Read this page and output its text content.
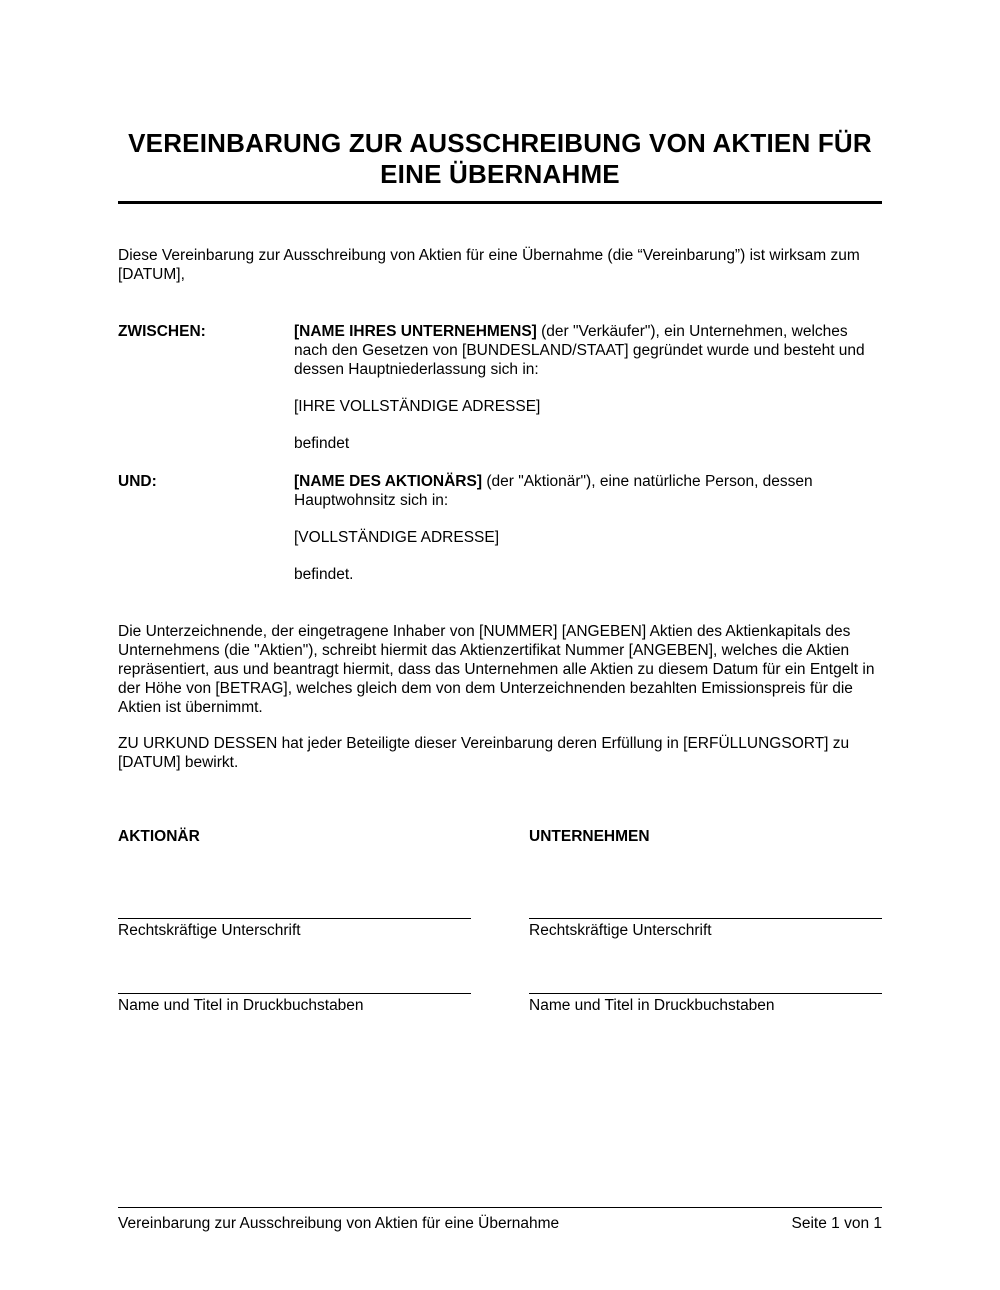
VEREINBARUNG ZUR AUSSCHREIBUNG VON AKTIEN FÜR
EINE ÜBERNAHME

Diese Vereinbarung zur Ausschreibung von Aktien für eine Übernahme (die “Vereinbarung”) ist wirksam zum [DATUM],

ZWISCHEN:	[NAME IHRES UNTERNEHMENS] (der "Verkäufer"), ein Unternehmen, welches nach den Gesetzen von [BUNDESLAND/STAAT] gegründet wurde und besteht und dessen Hauptniederlassung sich in:

[IHRE VOLLSTÄNDIGE ADRESSE]

befindet

UND:	[NAME DES AKTIONÄRS] (der "Aktionär"), eine natürliche Person, dessen Hauptwohnsitz sich in:

[VOLLSTÄNDIGE ADRESSE]

befindet.

Die Unterzeichnende, der eingetragene Inhaber von [NUMMER] [ANGEBEN] Aktien des Aktienkapitals des Unternehmens (die "Aktien"), schreibt hiermit das Aktienzertifikat Nummer [ANGEBEN], welches die Aktien repräsentiert, aus und beantragt hiermit, dass das Unternehmen alle Aktien zu diesem Datum für ein Entgelt in der Höhe von [BETRAG], welches gleich dem von dem Unterzeichnenden bezahlten Emissionspreis für die Aktien ist übernimmt.

ZU URKUND DESSEN hat jeder Beteiligte dieser Vereinbarung deren Erfüllung in [ERFÜLLUNGSORT] zu [DATUM] bewirkt.

AKTIONÄR
Rechtskräftige Unterschrift
Name und Titel in Druckbuchstaben
UNTERNEHMEN
Rechtskräftige Unterschrift
Name und Titel in Druckbuchstaben
Vereinbarung zur Ausschreibung von Aktien für eine Übernahme	Seite 1 von 1
